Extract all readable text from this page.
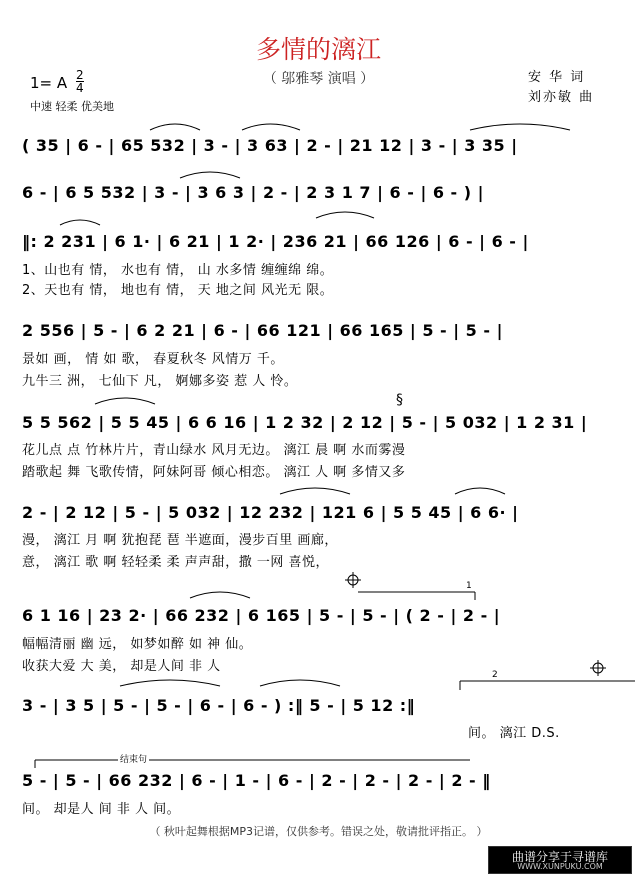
多情的漓江
（ 邬雅琴 演唱 ）
1= A 2
4
中速 轻柔 优美地
安 华 词
刘亦敏 曲
( 35 | 6 - | 65 532 | 3 - | 3 63 | 2 - | 21 12 | 3 - | 3 35 |
6 - | 6 5 532 | 3 - | 3 6 3 | 2 - | 2 3 1 7 | 6 - | 6 - ) |
‖: 2 231 | 6 1· | 6 21 | 1 2· | 236 21 | 66 126 | 6 - | 6 - |
1、山也有 情， 水也有 情， 山 水多情 缠缠绵 绵。
2、天也有 情， 地也有 情， 天 地之间 风光无 限。
2 556 | 5 - | 6 2 21 | 6 - | 66 121 | 66 165 | 5 - | 5 - |
景如 画， 情 如 歌， 春夏秋冬 风情万 千。
九牛三 洲， 七仙下 凡， 婀娜多姿 惹 人 怜。
5 5 562 | 5 5 45 | 6 6 16 | 1 2 32 | 2 12 | 5 - | 5 032 | 1 2 31 |
花儿点 点 竹林片片，青山绿水 风月无边。 漓江 晨 啊 水而雾漫
踏歌起 舞 飞歌传情，阿妹阿哥 倾心相恋。 漓江 人 啊 多情又多
2 - | 2 12 | 5 - | 5 032 | 12 232 | 121 6 | 5 5 45 | 6 6· |
漫， 漓江 月 啊 犹抱琵 琶 半遮面，漫步百里 画廊，
意， 漓江 歌 啊 轻轻柔 柔 声声甜，撒 一网 喜悦，
6 1 16 | 23 2· | 66 232 | 6 165 | 5 - | 5 - | ( 2 - | 2 - |
幅幅清丽 幽 远， 如梦如醉 如 神 仙。
收获大爱 大 美， 却是人间 非 人
3 - | 3 5 | 5 - | 5 - | 6 - | 6 - ) :‖ 5 - | 5 12 :‖
间。 漓江 D.S.
5 - | 5 - | 66 232 | 6 - | 1 - | 6 - | 2 - | 2 - | 2 - | 2 - ‖
间。 却是人 间 非 人 间。
§
1
2
结束句
（ 秋叶起舞根据MP3记谱，仅供参考。错误之处，敬请批评指正。 ）
曲谱分享于寻谱库
WWW.XUNPUKU.COM
